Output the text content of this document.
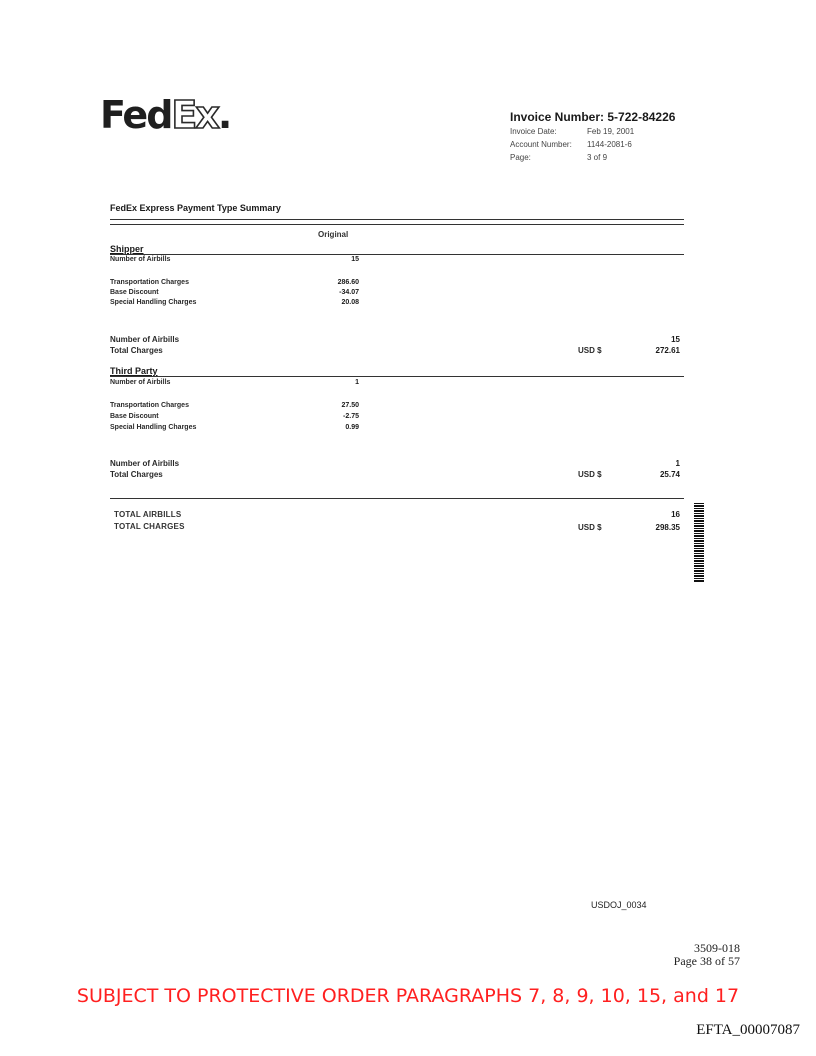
FedEx.	Invoice Number: 5-722-84226
Invoice Date:	Feb 19, 2001
Account Number: 1144-2081-6
Page:	3 of 9
FedEx Express Payment Type Summary
Original
Shipper
Number of Airbills	15
Transportation Charges	286.60
Base Discount	-34.07
Special Handling Charges	20.08
Number of Airbills	15
Total Charges	USD $	272.61
Third Party
Number of Airbills	1
Transportation Charges	27.50
Base Discount	-2.75
Special Handling Charges	0.99
Number of Airbills	1
Total Charges	USD $	25.74
TOTAL AIRBILLS	16
TOTAL CHARGES	USD $	298.35
USDOJ_0034
3509-018
Page 38 of 57
SUBJECT TO PROTECTIVE ORDER PARAGRAPHS 7, 8, 9, 10, 15, and 17
EFTA_00007087
